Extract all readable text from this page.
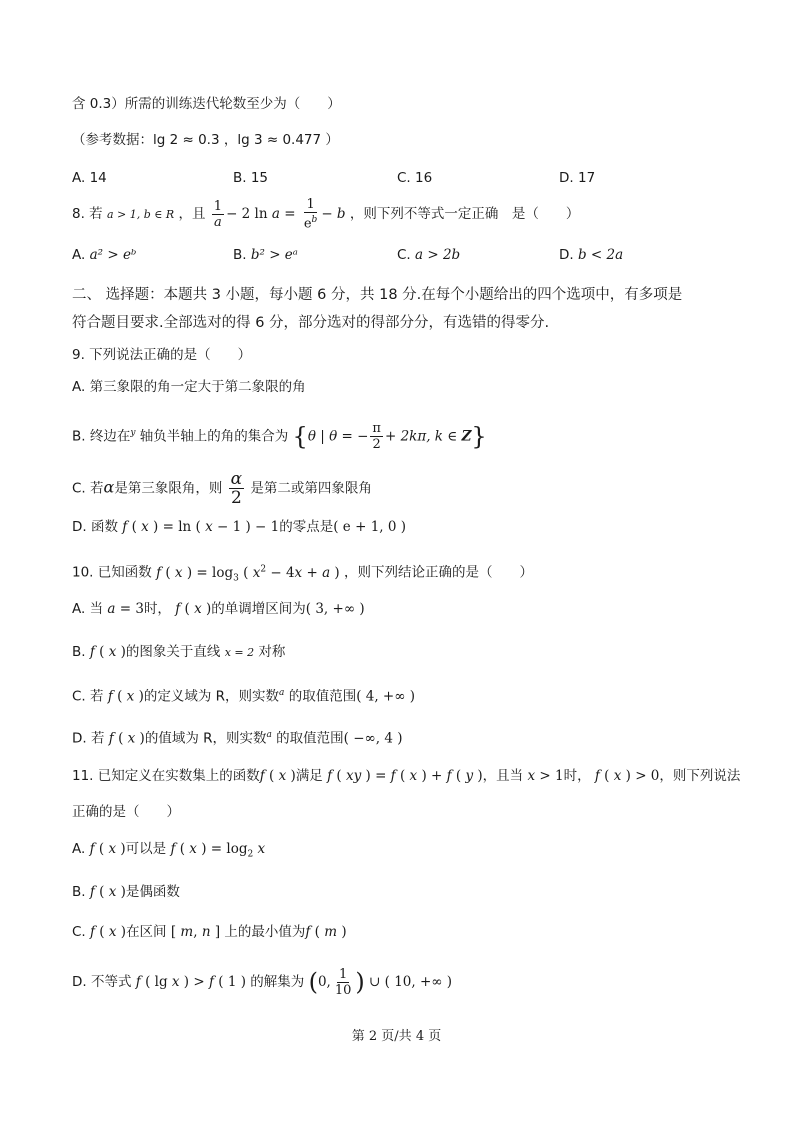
含 0.3）所需的训练迭代轮数至少为（　　）
（参考数据：lg 2 ≈ 0.3 ，lg 3 ≈ 0.477 ）
A. 14	B. 15	C. 16	D. 17
8. 若 a > 1, b ∈ R ，且 $\frac{1}{a} - 2$ $\ln a = \frac{1}{e^b} - b$ ，则下列不等式一定正确　是（　　）
A. a² > eᵇ	B. b² > eᵃ	C. a > 2b	D. b < 2a
二、 选择题：本题共 3 小题，每小题 6 分，共 18 分.在每个小题给出的四个选项中，有多项是
符合题目要求.全部选对的得 6 分，部分选对的得部分分，有选错的得零分.
9. 下列说法正确的是（　　）
A. 第三象限的角一定大于第二象限的角
B. 终边在$^y$ 轴负半轴上的角的集合为 {θ | θ = − $\frac{\pi}{2} + 2k\pi$, k ∈ Z}
C. 若α是第三象限角，则 $\frac{\alpha}{2}$ 是第二或第四象限角
D. 函数 f ( x ) = ln ( x − 1 ) − 1的零点是( e + 1, 0 )
10. 已知函数 f ( x ) = $\log_3$ ( $x^2 - 4x + a$ ) ，则下列结论正确的是（　　）
A. 当 a = 3时， f ( x )的单调增区间为( 3, +∞ )
B. f ( x )的图象关于直线 x = 2 对称
C. 若 f ( x )的定义域为 R，则实数$^a$ 的取值范围( 4, +∞ )
D. 若 f ( x )的值域为 R，则实数$^a$ 的取值范围( −∞, 4 )
11. 已知定义在实数集上的函数f ( x )满足 f ( xy ) = f ( x ) + f ( y )，且当 x > 1时， f ( x ) > 0，则下列说法
正确的是（　　）
A. f ( x )可以是 f ( x ) = $\log_2 x$
B. f ( x )是偶函数
C. f ( x )在区间 [ m, n ] 上的最小值为f ( m )
D. 不等式 f ( lg x ) > f ( 1 ) 的解集为 (0, $\frac{1}{10}$ ) ∪ ( 10, +∞ )
第 2 页/共 4 页
